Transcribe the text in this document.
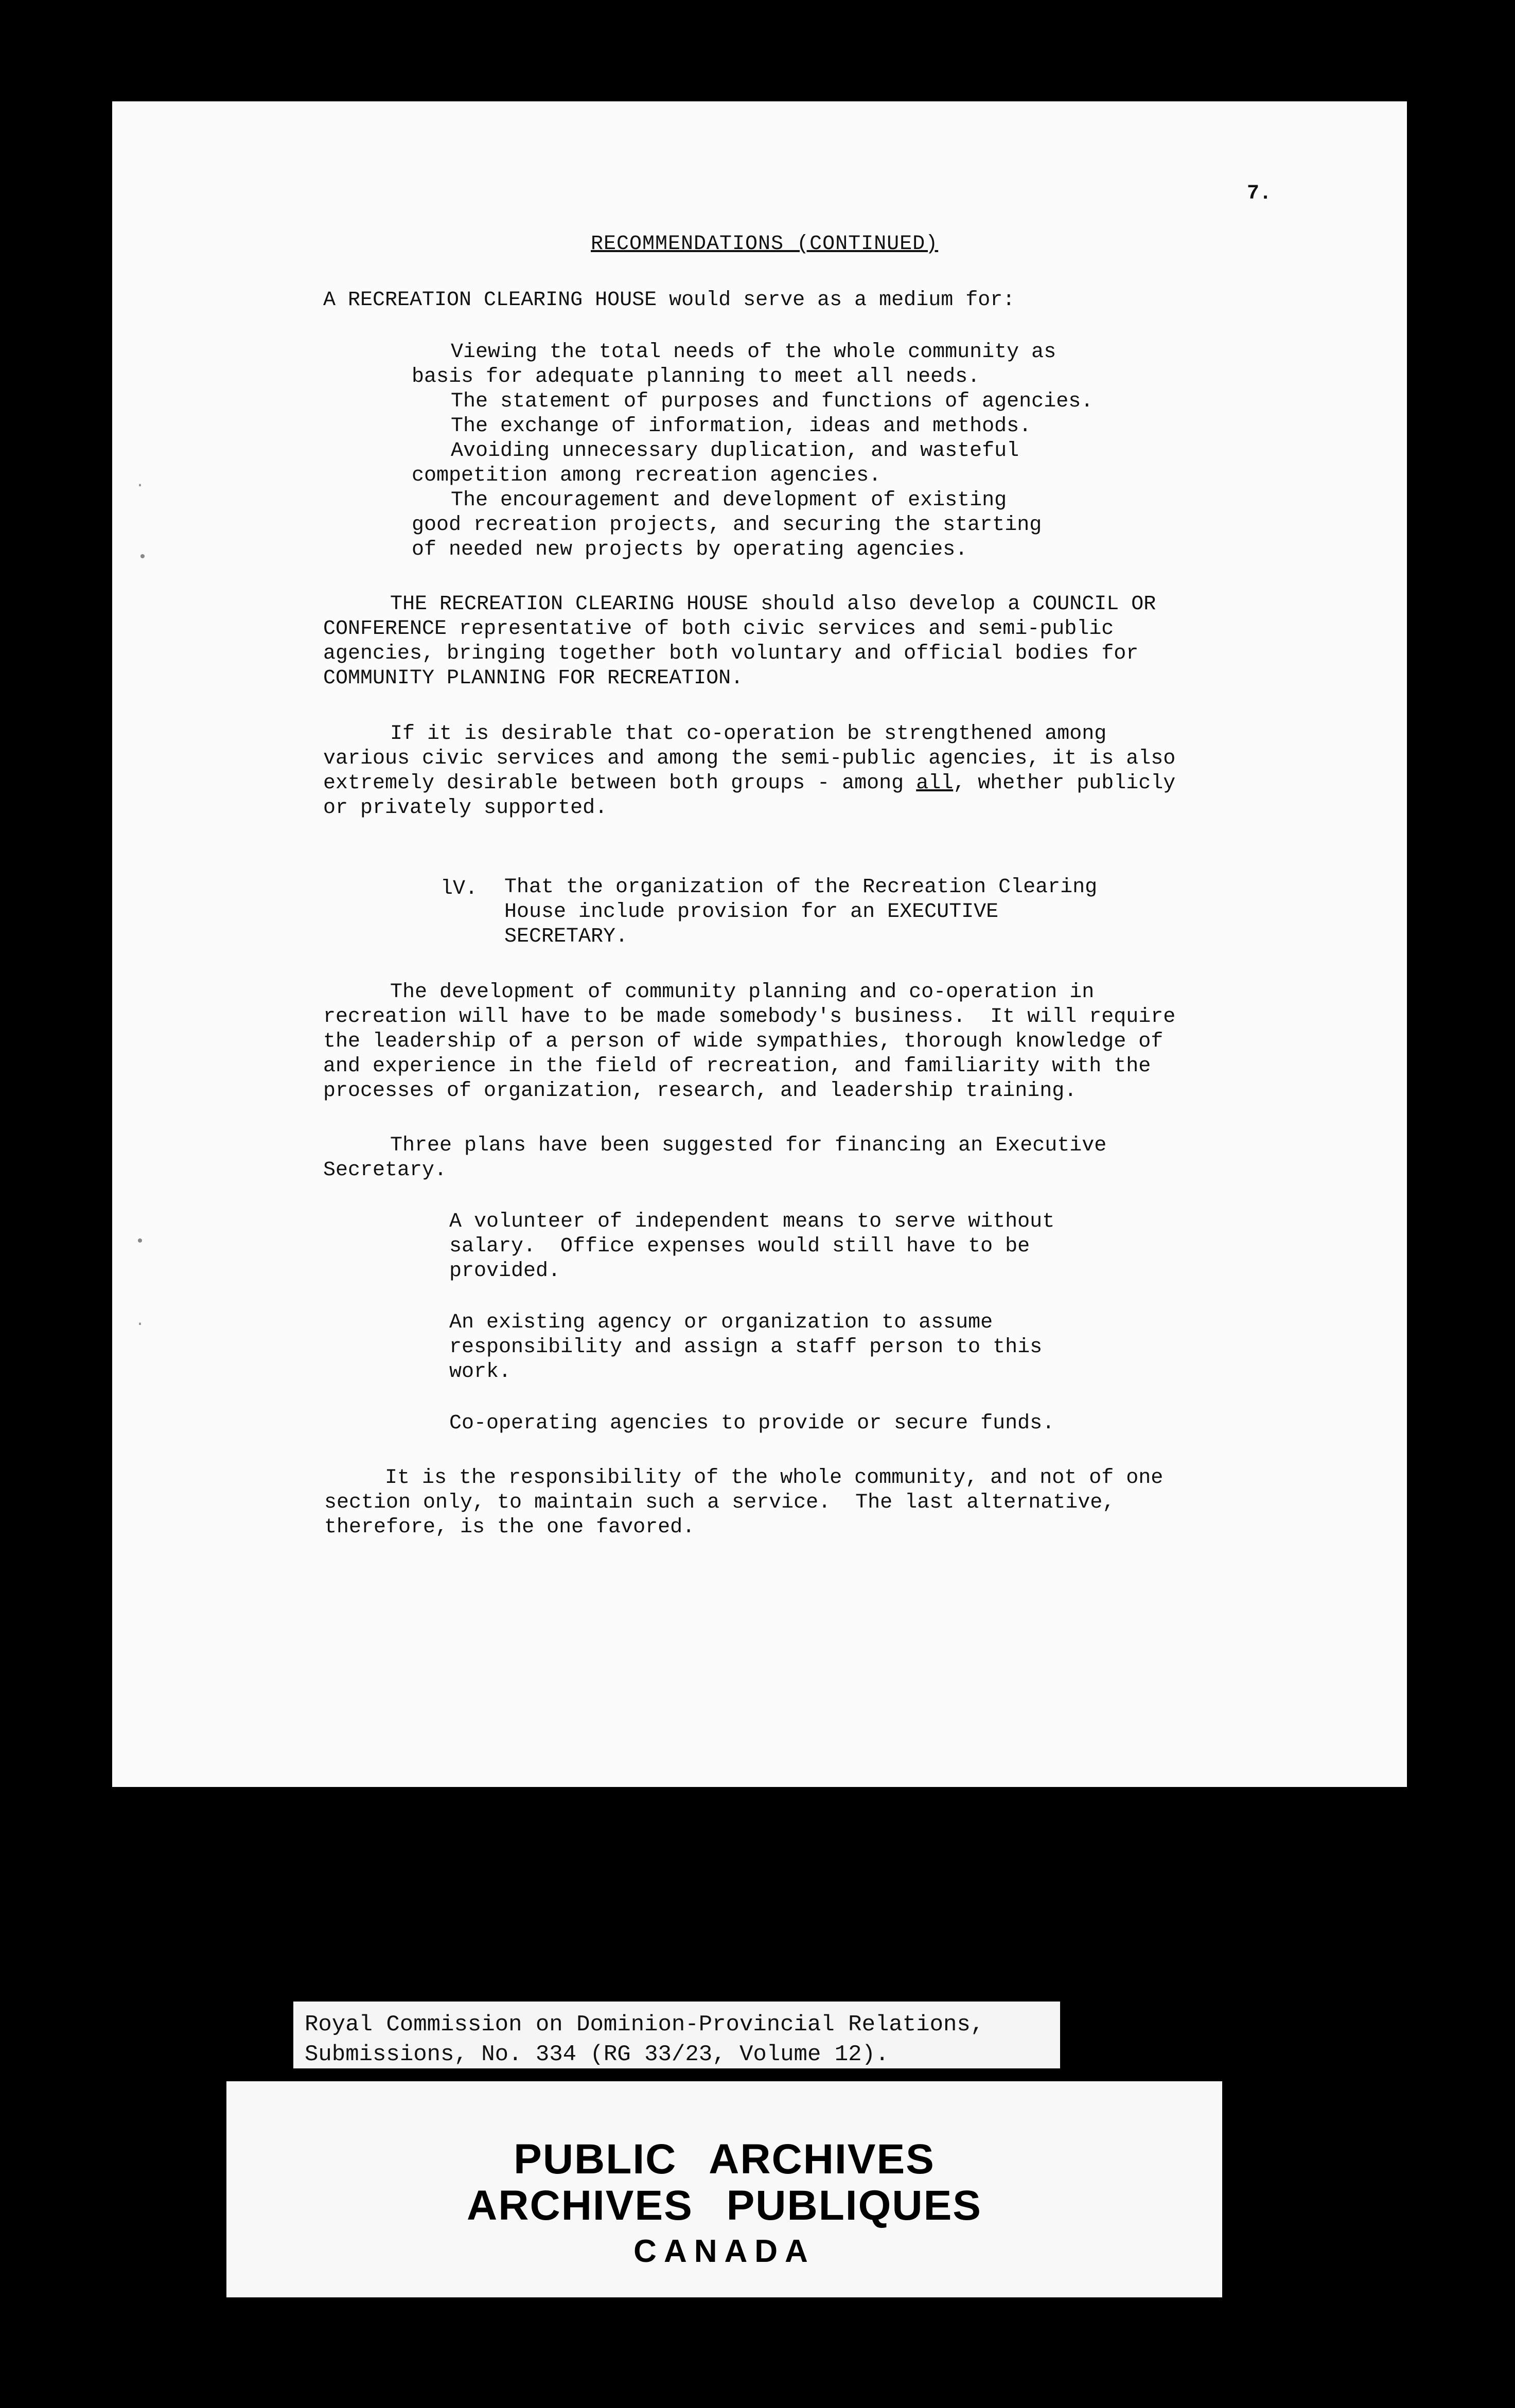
7.
RECOMMENDATIONS (CONTINUED)
A RECREATION CLEARING HOUSE would serve as a medium for:
Viewing the total needs of the whole community as
basis for adequate planning to meet all needs.
The statement of purposes and functions of agencies.
The exchange of information, ideas and methods.
Avoiding unnecessary duplication, and wasteful
competition among recreation agencies.
The encouragement and development of existing
good recreation projects, and securing the starting
of needed new projects by operating agencies.
THE RECREATION CLEARING HOUSE should also develop a COUNCIL OR
CONFERENCE representative of both civic services and semi-public
agencies, bringing together both voluntary and official bodies for
COMMUNITY PLANNING FOR RECREATION.
If it is desirable that co-operation be strengthened among
various civic services and among the semi-public agencies, it is also
extremely desirable between both groups - among all, whether publicly
or privately supported.
lV. That the organization of the Recreation Clearing
House include provision for an EXECUTIVE
SECRETARY.
The development of community planning and co-operation in
recreation will have to be made somebody's business.  It will require
the leadership of a person of wide sympathies, thorough knowledge of
and experience in the field of recreation, and familiarity with the
processes of organization, research, and leadership training.
Three plans have been suggested for financing an Executive
Secretary.
A volunteer of independent means to serve without
salary.  Office expenses would still have to be
provided.
An existing agency or organization to assume
responsibility and assign a staff person to this
work.
Co-operating agencies to provide or secure funds.
It is the responsibility of the whole community, and not of one
section only, to maintain such a service.  The last alternative,
therefore, is the one favored.
·
•
•
·
Royal Commission on Dominion-Provincial Relations,
Submissions, No. 334 (RG 33/23, Volume 12).
PUBLIC ARCHIVES
ARCHIVES PUBLIQUES
CANADA
